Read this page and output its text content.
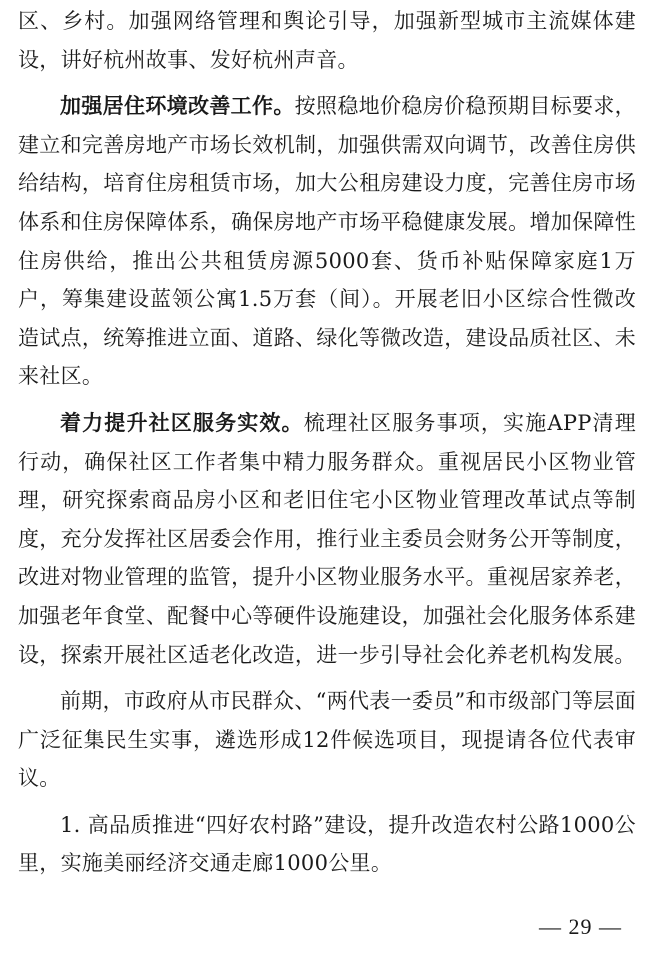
区、乡村。加强网络管理和舆论引导，加强新型城市主流媒体建设，讲好杭州故事、发好杭州声音。

加强居住环境改善工作。按照稳地价稳房价稳预期目标要求，建立和完善房地产市场长效机制，加强供需双向调节，改善住房供给结构，培育住房租赁市场，加大公租房建设力度，完善住房市场体系和住房保障体系，确保房地产市场平稳健康发展。增加保障性住房供给，推出公共租赁房源5000套、货币补贴保障家庭1万户，筹集建设蓝领公寓1.5万套（间）。开展老旧小区综合性微改造试点，统筹推进立面、道路、绿化等微改造，建设品质社区、未来社区。

着力提升社区服务实效。梳理社区服务事项，实施APP清理行动，确保社区工作者集中精力服务群众。重视居民小区物业管理，研究探索商品房小区和老旧住宅小区物业管理改革试点等制度，充分发挥社区居委会作用，推行业主委员会财务公开等制度，改进对物业管理的监管，提升小区物业服务水平。重视居家养老，加强老年食堂、配餐中心等硬件设施建设，加强社会化服务体系建设，探索开展社区适老化改造，进一步引导社会化养老机构发展。

前期，市政府从市民群众、“两代表一委员”和市级部门等层面广泛征集民生实事，遴选形成12件候选项目，现提请各位代表审议。

1. 高品质推进“四好农村路”建设，提升改造农村公路1000公里，实施美丽经济交通走廊1000公里。

— 29 —
